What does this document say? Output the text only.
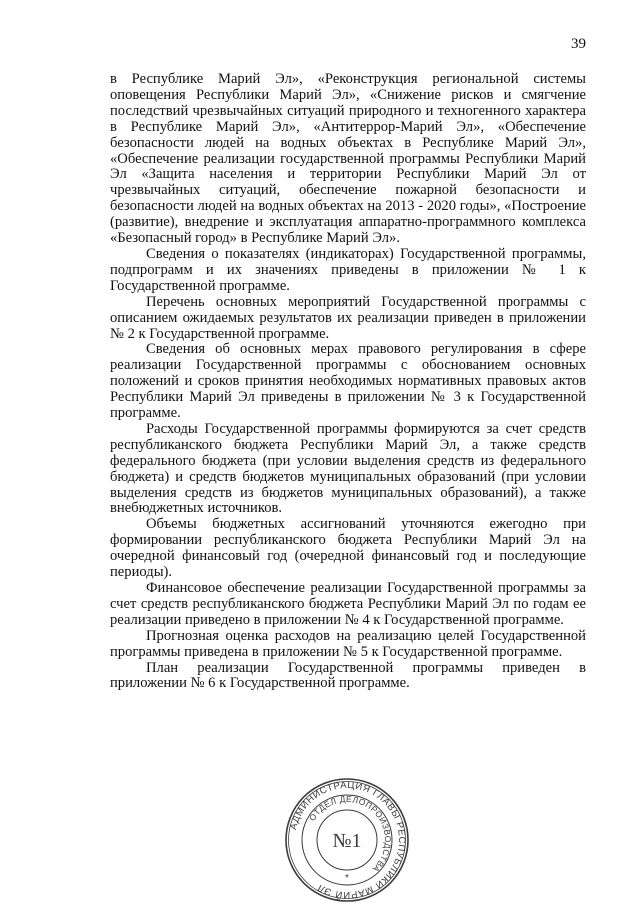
39

в Республике Марий Эл», «Реконструкция региональной системы оповещения Республики Марий Эл», «Снижение рисков и смягчение последствий чрезвычайных ситуаций природного и техногенного характера в Республике Марий Эл», «Антитеррор-Марий Эл», «Обеспечение безопасности людей на водных объектах в Республике Марий Эл», «Обеспечение реализации государственной программы Республики Марий Эл «Защита населения и территории Республики Марий Эл от чрезвычайных ситуаций, обеспечение пожарной безопасности и безопасности людей на водных объектах на 2013 - 2020 годы», «Построение (развитие), внедрение и эксплуатация аппаратно-программного комплекса «Безопасный город» в Республике Марий Эл».

Сведения о показателях (индикаторах) Государственной программы, подпрограмм и их значениях приведены в приложении № 1 к Государственной программе.

Перечень основных мероприятий Государственной программы с описанием ожидаемых результатов их реализации приведен в приложении № 2 к Государственной программе.

Сведения об основных мерах правового регулирования в сфере реализации Государственной программы с обоснованием основных положений и сроков принятия необходимых нормативных правовых актов Республики Марий Эл приведены в приложении № 3 к Государственной программе.

Расходы Государственной программы формируются за счет средств республиканского бюджета Республики Марий Эл, а также средств федерального бюджета (при условии выделения средств из федерального бюджета) и средств бюджетов муниципальных образований (при условии выделения средств из бюджетов муниципальных образований), а также внебюджетных источников.

Объемы бюджетных ассигнований уточняются ежегодно при формировании республиканского бюджета Республики Марий Эл на очередной финансовый год (очередной финансовый год и последующие периоды).

Финансовое обеспечение реализации Государственной программы за счет средств республиканского бюджета Республики Марий Эл по годам ее реализации приведено в приложении № 4 к Государственной программе.

Прогнозная оценка расходов на реализацию целей Государственной программы приведена в приложении № 5 к Государственной программе.

План реализации Государственной программы приведен в приложении № 6 к Государственной программе.

АДМИНИСТРАЦИЯ ГЛАВЫ РЕСПУБЛИКИ МАРИЙ ЭЛ
ОТДЕЛ ДЕЛОПРОИЗВОДСТВА
№1
*
